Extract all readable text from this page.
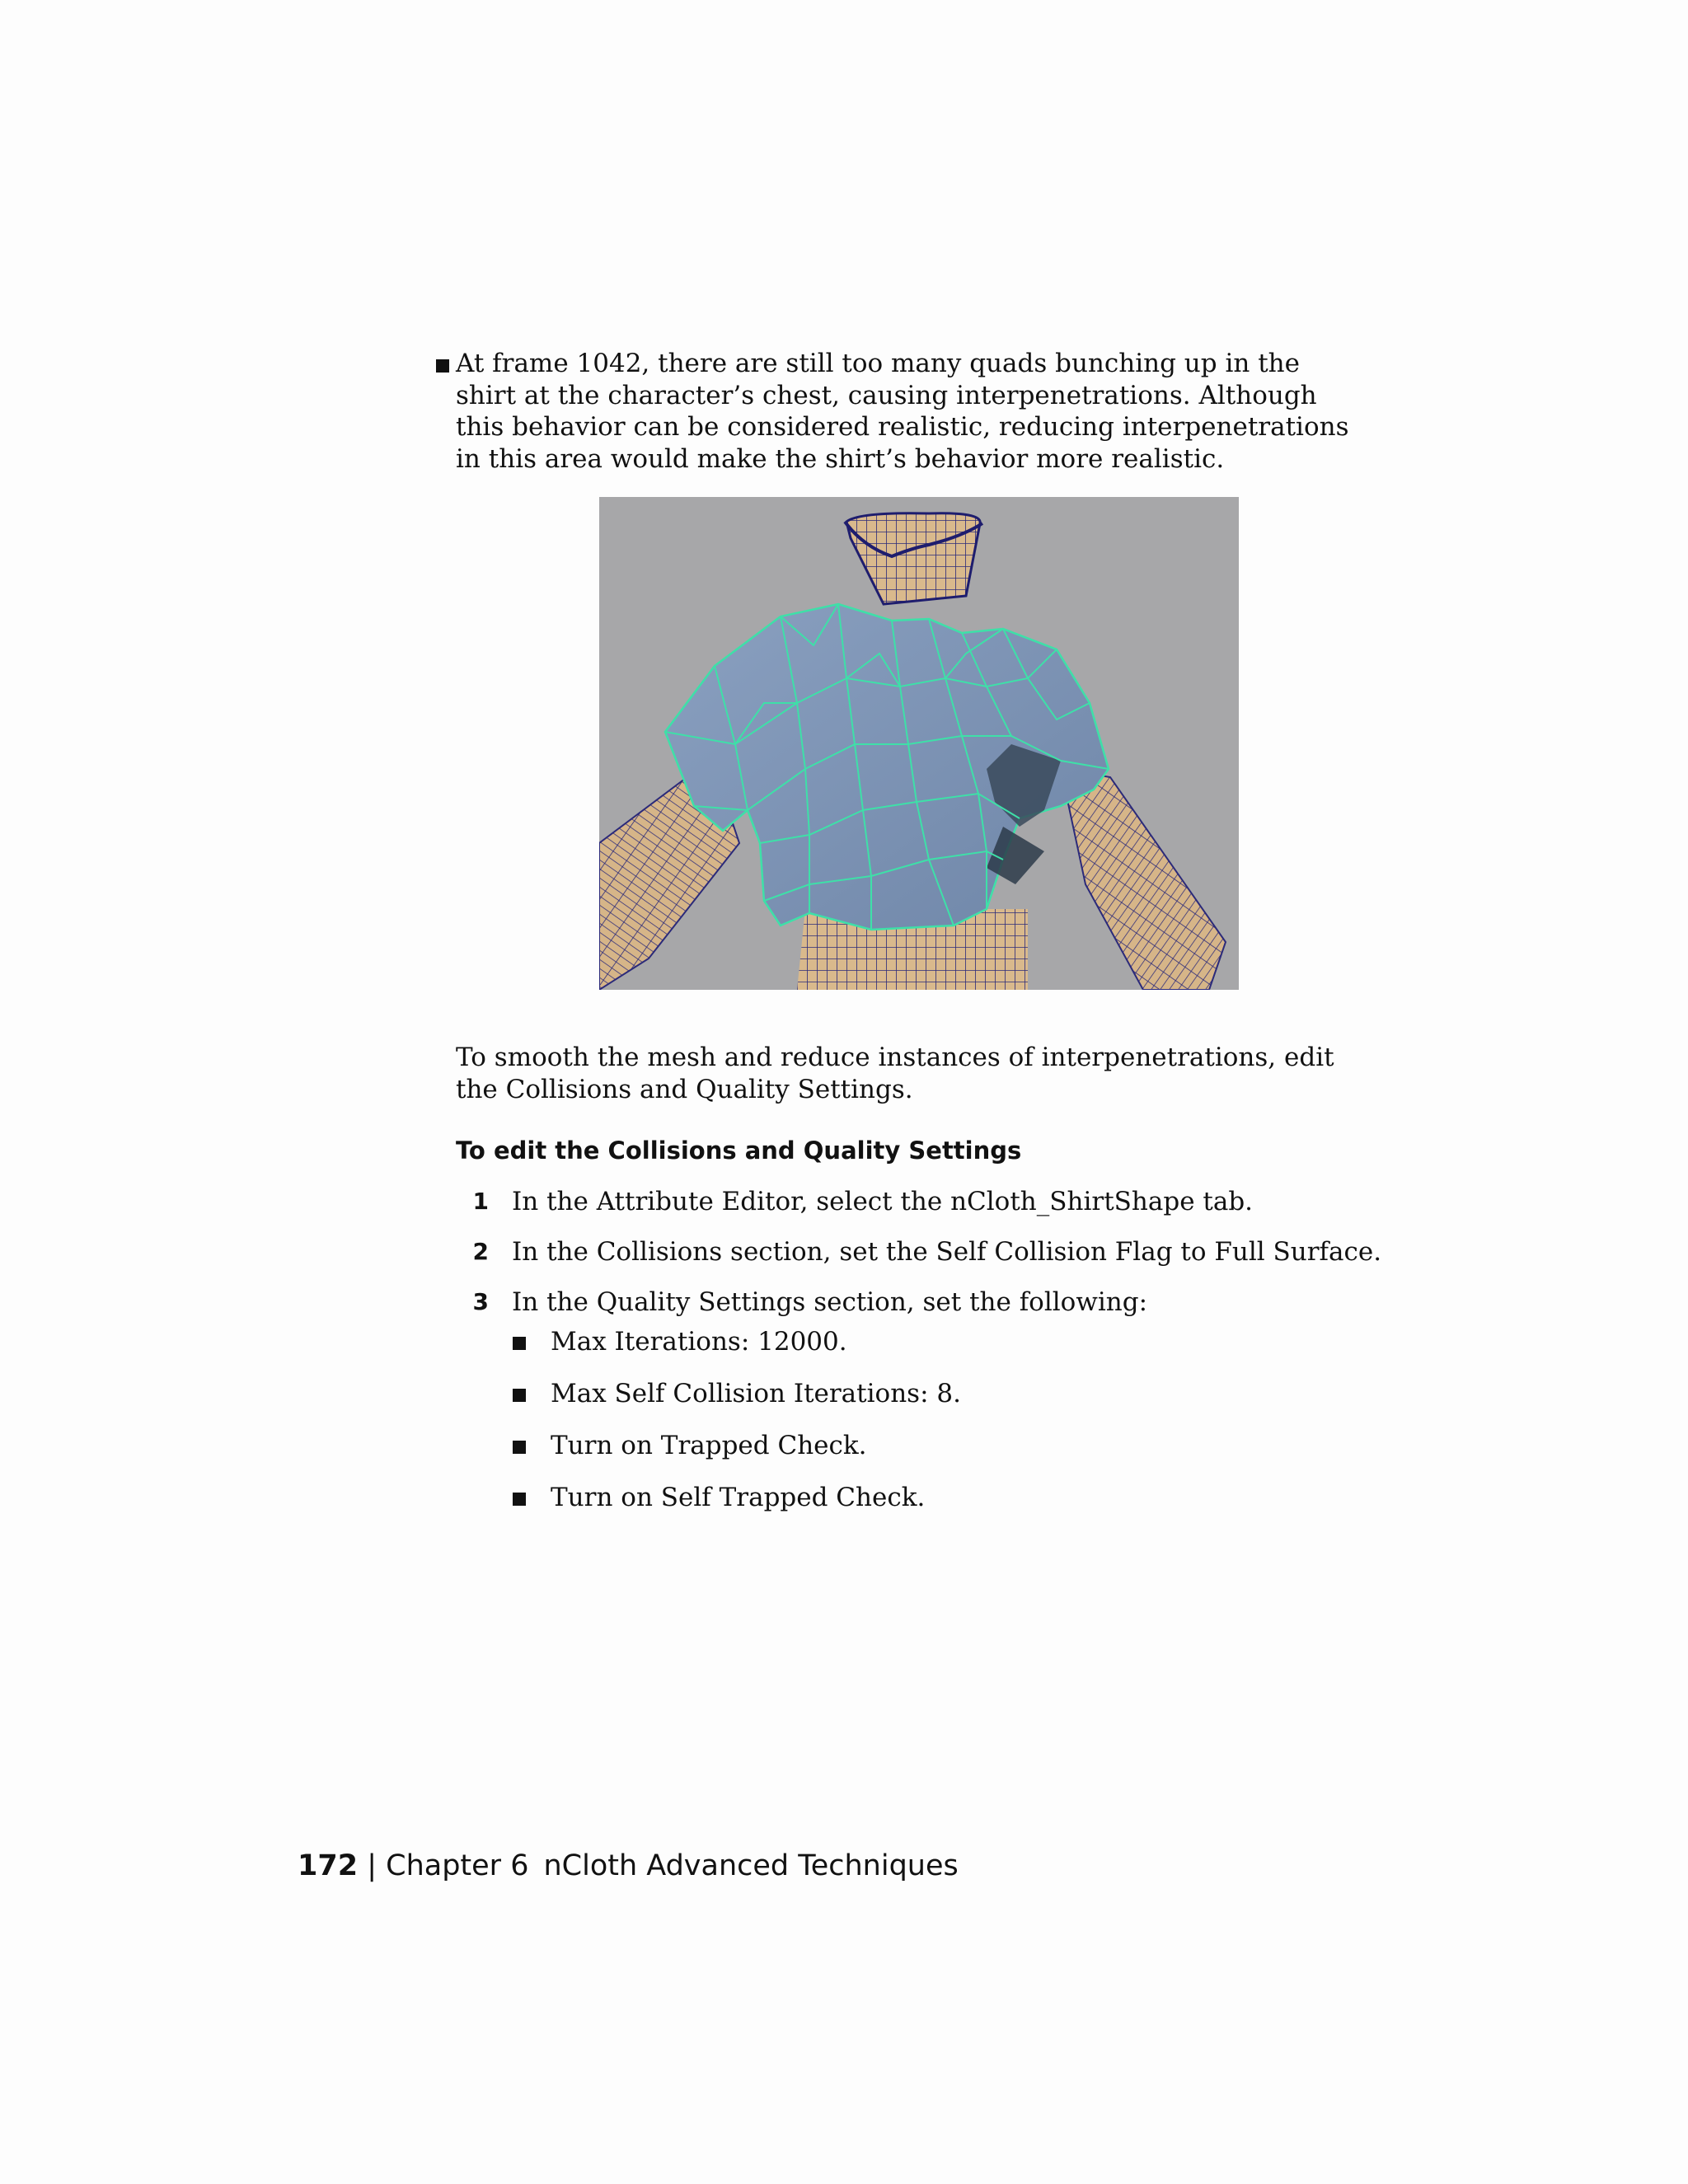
At frame 1042, there are still too many quads bunching up in the shirt at the character’s chest, causing interpenetrations. Although this behavior can be considered realistic, reducing interpenetrations in this area would make the shirt’s behavior more realistic.
To smooth the mesh and reduce instances of interpenetrations, edit the Collisions and Quality Settings.
To edit the Collisions and Quality Settings
1 In the Attribute Editor, select the nCloth_ShirtShape tab.
2 In the Collisions section, set the Self Collision Flag to Full Surface.
3 In the Quality Settings section, set the following:
Max Iterations: 12000.
Max Self Collision Iterations: 8.
Turn on Trapped Check.
Turn on Self Trapped Check.
172 | Chapter 6 nCloth Advanced Techniques
